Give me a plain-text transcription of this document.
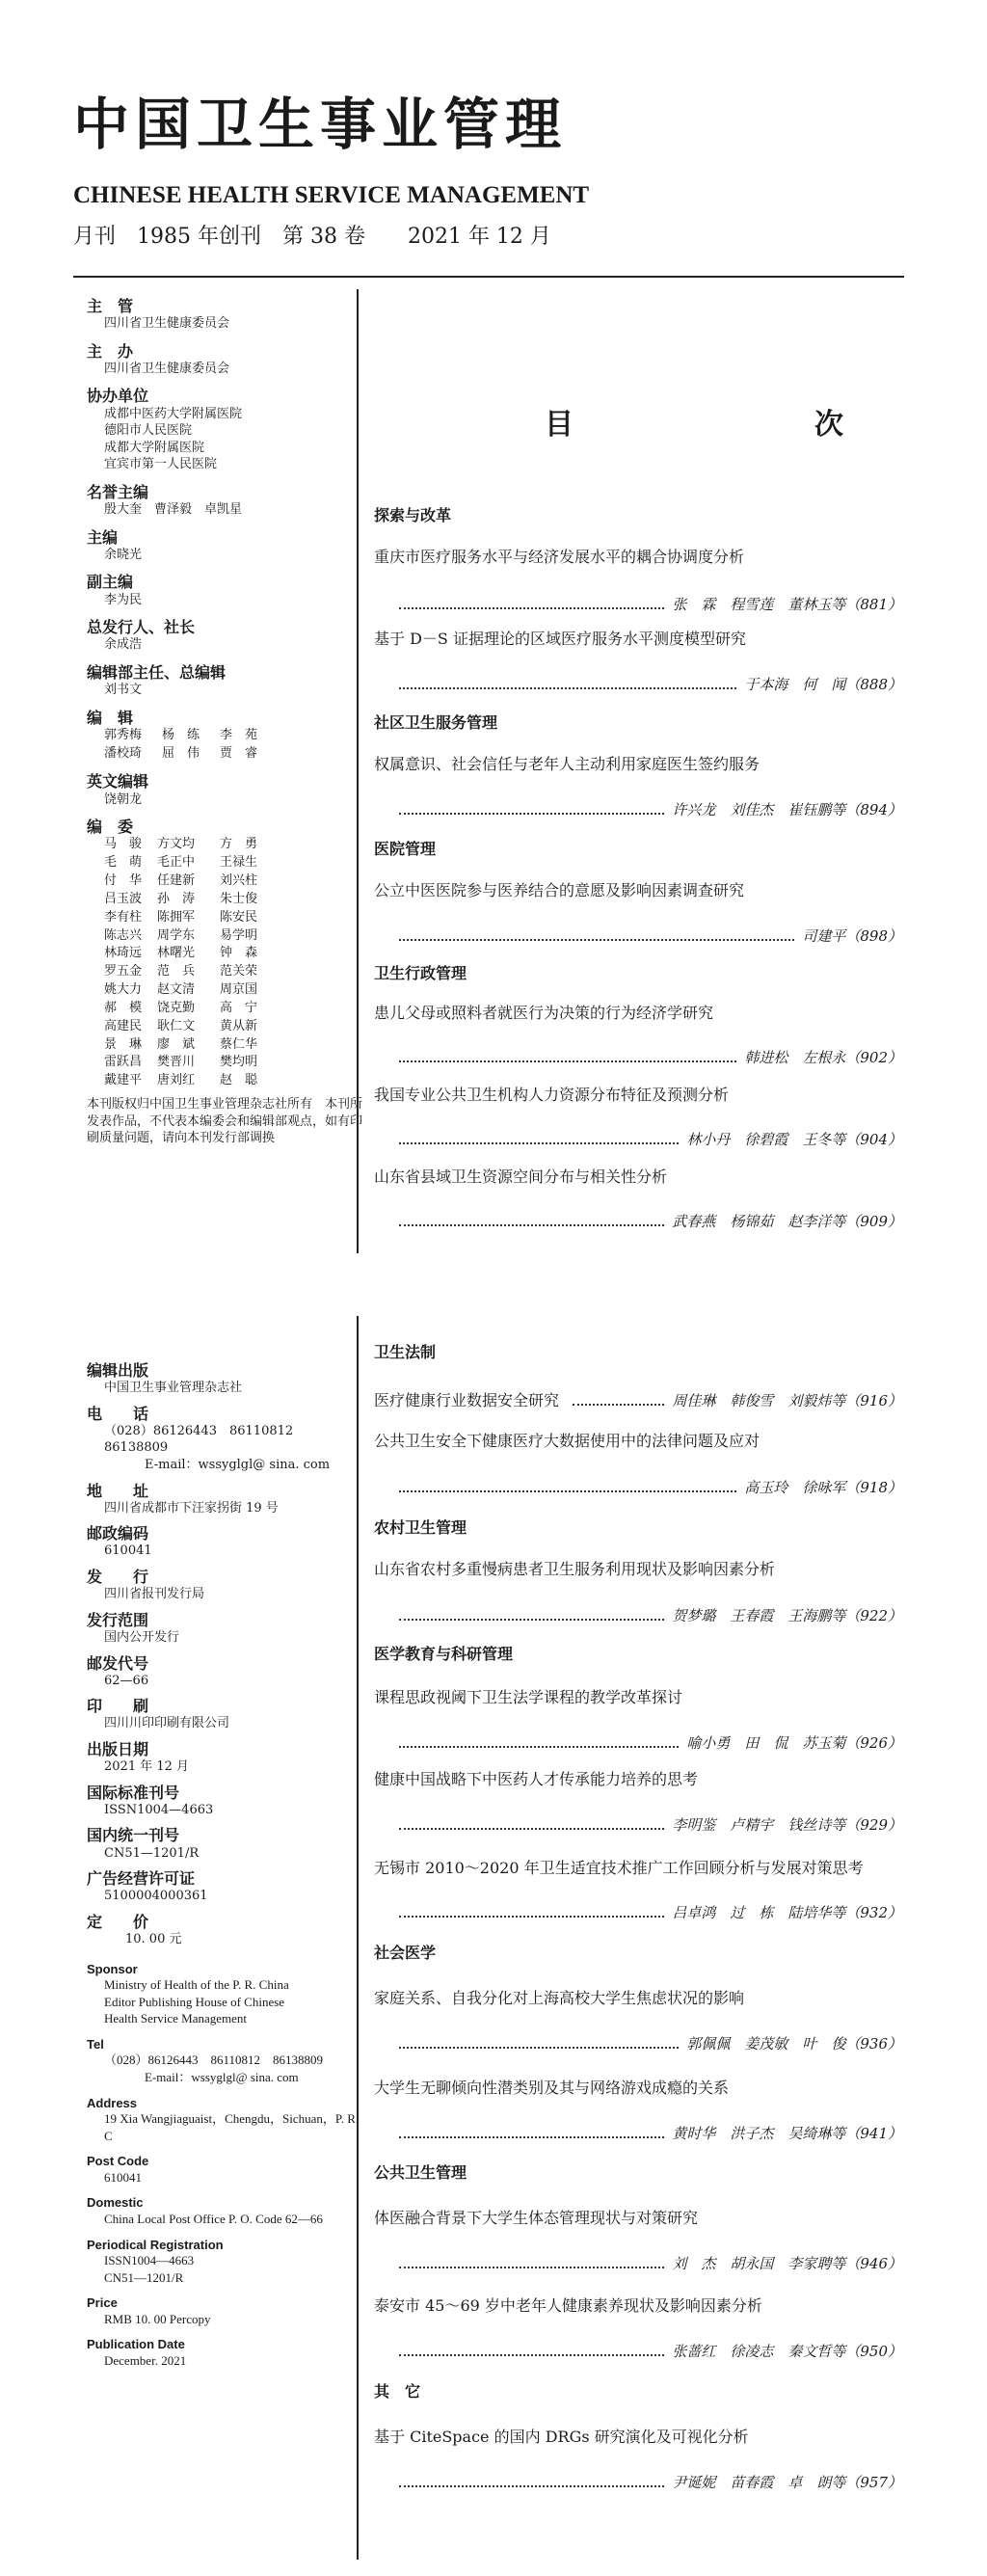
中国卫生事业管理
CHINESE HEALTH SERVICE MANAGEMENT
月刊　1985 年创刊　第 38 卷　　2021 年 12 月
主　管
四川省卫生健康委员会
主　办
四川省卫生健康委员会
协办单位
成都中医药大学附属医院
德阳市人民医院
成都大学附属医院
宜宾市第一人民医院
名誉主编
殷大奎　曹泽毅　卓凯星
主编
余晓光
副主编
李为民
总发行人、社长
余成浩
编辑部主任、总编辑
刘书文
编　辑
郭秀梅	杨　练	李　苑
潘校琦	屈　伟	贾　睿
英文编辑
饶朝龙
编　委
马　骏	方文均	方　勇
毛　萌	毛正中	王禄生
付　华	任建新	刘兴柱
吕玉波	孙　涛	朱士俊
李有柱	陈拥军	陈安民
陈志兴	周学东	易学明
林琦远	林曙光	钟　森
罗五金	范　兵	范关荣
姚大力	赵文清	周京国
郝　模	饶克勤	高　宁
高建民	耿仁文	黄从新
景　琳	廖　斌	蔡仁华
雷跃昌	樊晋川	樊均明
戴建平	唐刘红	赵　聪
本刊版权归中国卫生事业管理杂志社所有　本刊所发表作品，不代表本编委会和编辑部观点，如有印刷质量问题，请向本刊发行部调换
编辑出版
中国卫生事业管理杂志社
电　　话
（028）86126443　86110812　86138809
E-mail：wssyglgl@ sina. com
地　　址
四川省成都市下汪家拐街 19 号
邮政编码
610041
发　　行
四川省报刊发行局
发行范围
国内公开发行
邮发代号
62—66
印　　刷
四川川印印刷有限公司
出版日期
2021 年 12 月
国际标准刊号
ISSN1004—4663
国内统一刊号
CN51—1201/R
广告经营许可证
5100004000361
定　　价
10. 00 元
Sponsor
Ministry of Health of the P. R. China
Editor Publishing House of Chinese
Health Service Management
Tel
（028）86126443　86110812　86138809
E-mail：wssyglgl@ sina. com
Address
19 Xia Wangjiaguaist，Chengdu，Sichuan，P. R. C
Post Code
610041
Domestic
China Local Post Office P. O. Code 62—66
Periodical Registration
ISSN1004—4663
CN51—1201/R
Price
RMB 10. 00 Percopy
Publication Date
December. 2021
目　次
探索与改革
重庆市医疗服务水平与经济发展水平的耦合协调度分析
张　霖　程雪莲　董林玉等（881）
基于 D－S 证据理论的区域医疗服务水平测度模型研究
于本海　何　闻（888）
社区卫生服务管理
权属意识、社会信任与老年人主动利用家庭医生签约服务
许兴龙　刘佳杰　崔钰鹏等（894）
医院管理
公立中医医院参与医养结合的意愿及影响因素调查研究
司建平（898）
卫生行政管理
患儿父母或照料者就医行为决策的行为经济学研究
韩进松　左根永（902）
我国专业公共卫生机构人力资源分布特征及预测分析
林小丹　徐碧霞　王冬等（904）
山东省县域卫生资源空间分布与相关性分析
武春燕　杨锦茹　赵李洋等（909）
卫生法制
医疗健康行业数据安全研究	周佳琳　韩俊雪　刘毅炜等（916）
公共卫生安全下健康医疗大数据使用中的法律问题及应对
高玉玲　徐咏军（918）
农村卫生管理
山东省农村多重慢病患者卫生服务利用现状及影响因素分析
贺梦璐　王春霞　王海鹏等（922）
医学教育与科研管理
课程思政视阈下卫生法学课程的教学改革探讨
喻小勇　田　侃　苏玉菊（926）
健康中国战略下中医药人才传承能力培养的思考
李明鉴　卢精宇　钱丝诗等（929）
无锡市 2010～2020 年卫生适宜技术推广工作回顾分析与发展对策思考
吕卓鸿　过　栋　陆培华等（932）
社会医学
家庭关系、自我分化对上海高校大学生焦虑状况的影响
郭佩佩　姜茂敏　叶　俊（936）
大学生无聊倾向性潜类别及其与网络游戏成瘾的关系
黄时华　洪子杰　吴绮琳等（941）
公共卫生管理
体医融合背景下大学生体态管理现状与对策研究
刘　杰　胡永国　李家聘等（946）
泰安市 45～69 岁中老年人健康素养现状及影响因素分析
张蔷红　徐凌志　秦文哲等（950）
其　它
基于 CiteSpace 的国内 DRGs 研究演化及可视化分析
尹诞妮　苗春霞　卓　朗等（957）
